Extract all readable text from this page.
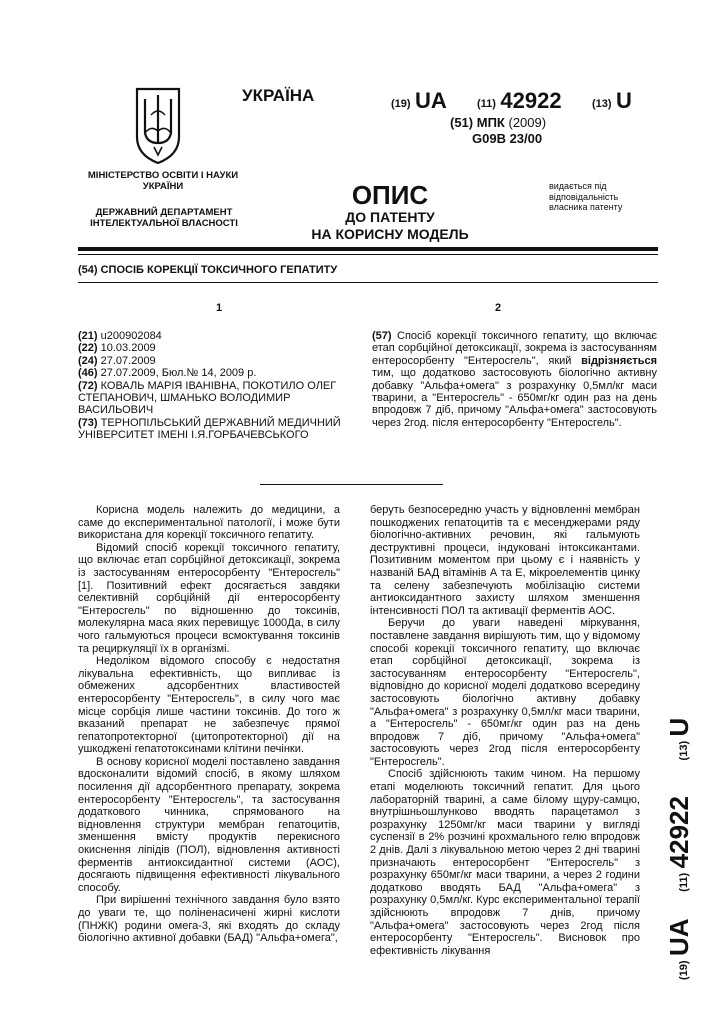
УКРАЇНА	(19) UA	(11) 42922	(13) U
(51) МПК (2009)
G09B 23/00
МІНІСТЕРСТВО ОСВІТИ І НАУКИ УКРАЇНИ
ДЕРЖАВНИЙ ДЕПАРТАМЕНТ ІНТЕЛЕКТУАЛЬНОЇ ВЛАСНОСТІ
ОПИС
ДО ПАТЕНТУ
НА КОРИСНУ МОДЕЛЬ
видається під відповідальність власника патенту
(54) СПОСІБ КОРЕКЦІЇ ТОКСИЧНОГО ГЕПАТИТУ
1	2
(21) u200902084
(22) 10.03.2009
(24) 27.07.2009
(46) 27.07.2009, Бюл.№ 14, 2009 р.
(72) КОВАЛЬ МАРІЯ ІВАНІВНА, ПОКОТИЛО ОЛЕГ СТЕПАНОВИЧ, ШМАНЬКО ВОЛОДИМИР ВАСИЛЬОВИЧ
(73) ТЕРНОПІЛЬСЬКИЙ ДЕРЖАВНИЙ МЕДИЧНИЙ УНІВЕРСИТЕТ ІМЕНІ І.Я.ГОРБАЧЕВСЬКОГО
(57) Спосіб корекції токсичного гепатиту, що включає етап сорбційної детоксикації, зокрема із застосуванням ентеросорбенту "Ентеросгель", який відрізняється тим, що додатково застосовують біологічно активну добавку "Альфа+омега" з розрахунку 0,5мл/кг маси тварини, а "Ентеросгель" - 650мг/кг один раз на день впродовж 7 діб, причому "Альфа+омега" застосовують через 2год. після ентеросорбенту "Ентеросгель".

Корисна модель належить до медицини, а саме до експериментальної патології, і може бути використана для корекції токсичного гепатиту.

Відомий спосіб корекції токсичного гепатиту, що включає етап сорбційної детоксикації, зокрема із застосуванням ентеросорбенту "Ентеросгель" [1]. Позитивний ефект досягається завдяки селективній сорбційній дії ентеросорбенту "Ентеросгель" по відношенню до токсинів, молекулярна маса яких перевищує 1000Да, в силу чого гальмуються процеси всмоктування токсинів та рециркуляції їх в організмі.

Недоліком відомого способу є недостатня лікувальна ефективність, що випливає із обмежених адсорбентних властивостей ентеросорбенту "Ентеросгель", в силу чого має місце сорбція лише частини токсинів. До того ж вказаний препарат не забезпечує прямої гепатопротекторної (цитопротекторної) дії на ушкоджені гепатотоксинами клітини печінки.

В основу корисної моделі поставлено завдання вдосконалити відомий спосіб, в якому шляхом посилення дії адсорбентного препарату, зокрема ентеросорбенту "Ентеросгель", та застосування додаткового чинника, спрямованого на відновлення структури мембран гепатоцитів, зменшення вмісту продуктів перекисного окиснення ліпідів (ПОЛ), відновлення активності ферментів антиоксидантної системи (АОС), досягають підвищення ефективності лікувального способу.

При вирішенні технічного завдання було взято до уваги те, що поліненасичені жирні кислоти (ПНЖК) родини омега-3, які входять до складу біологічно активної добавки (БАД) "Альфа+омега",

беруть безпосередню участь у відновленні мембран пошкоджених гепатоцитів та є месенджерами ряду біологічно-активних речовин, які гальмують деструктивні процеси, індуковані інтоксикантами. Позитивним моментом при цьому є і наявність у названій БАД вітамінів А та Е, мікроелементів цинку та селену забезпечують мобілізацію системи антиоксидантного захисту шляхом зменшення інтенсивності ПОЛ та активації ферментів АОС.

Беручи до уваги наведені міркування, поставлене завдання вирішують тим, що у відомому способі корекції токсичного гепатиту, що включає етап сорбційної детоксикації, зокрема із застосуванням ентеросорбенту "Ентеросгель", відповідно до корисної моделі додатково всередину застосовують біологічно активну добавку "Альфа+омега" з розрахунку 0,5мл/кг маси тварини, а "Ентеросгель" - 650мг/кг один раз на день впродовж 7 діб, причому "Альфа+омега" застосовують через 2год після ентеросорбенту "Ентеросгель".

Спосіб здійснюють таким чином. На першому етапі моделюють токсичний гепатит. Для цього лабораторній тварині, а саме білому щуру-самцю, внутрішньошлунково вводять парацетамол з розрахунку 1250мг/кг маси тварини у вигляді суспензії в 2% розчині крохмального гелю впродовж 2 днів. Далі з лікувальною метою через 2 дні тварині призначають ентеросорбент "Ентеросгель" з розрахунку 650мг/кг маси тварини, а через 2 години додатково вводять БАД "Альфа+омега" з розрахунку 0,5мл/кг. Курс експериментальної терапії здійснюють впродовж 7 днів, причому "Альфа+омега" застосовують через 2год після ентеросорбенту "Ентеросгель". Висновок про ефективність лікування

(19) UA      (11) 42922        (13) U
